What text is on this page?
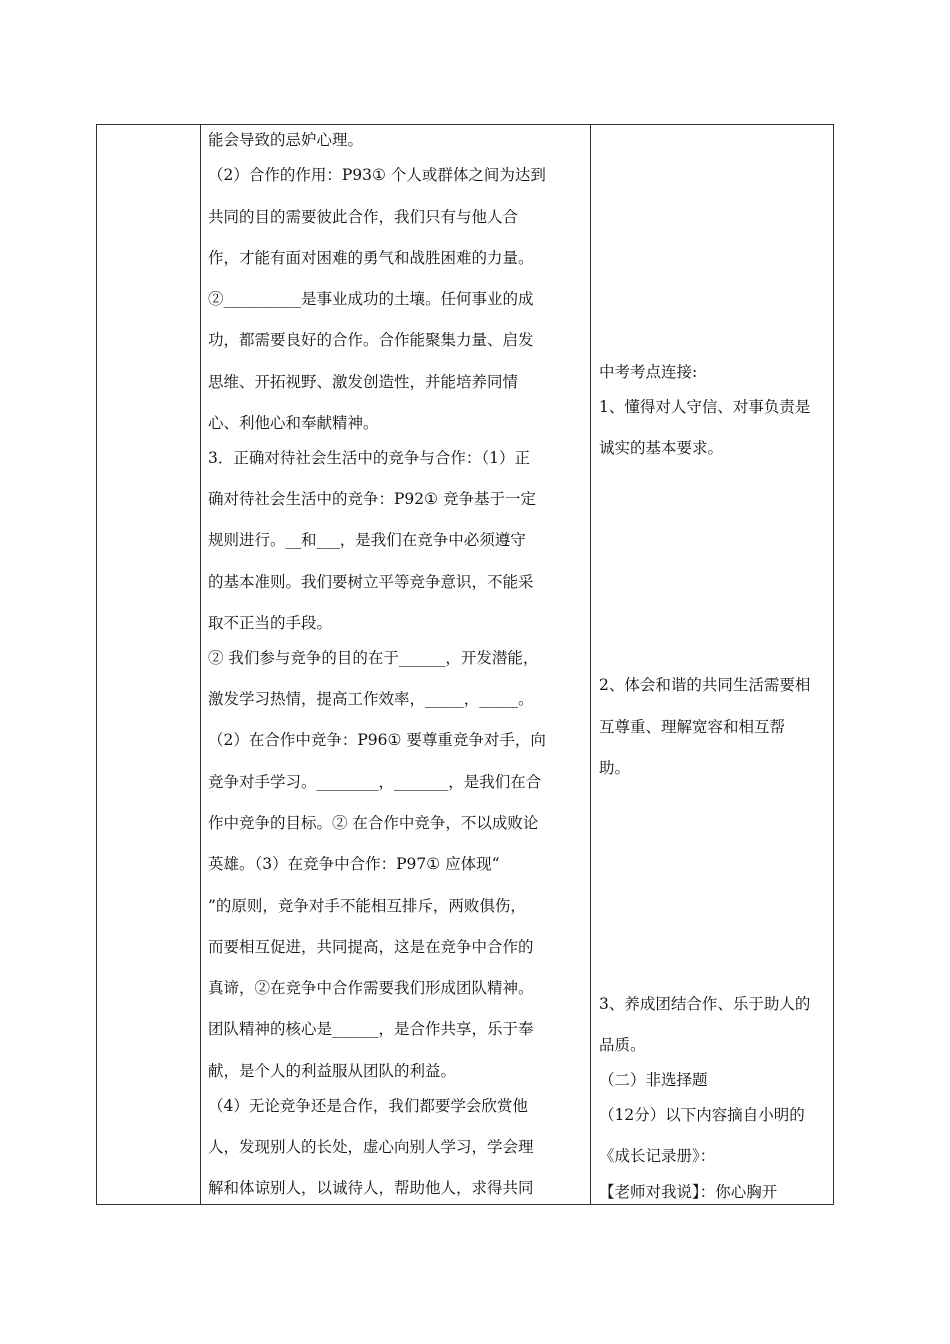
能会导致的忌妒心理。
（2）合作的作用：P93① 个人或群体之间为达到
共同的目的需要彼此合作，我们只有与他人合
作，才能有面对困难的勇气和战胜困难的力量。
②__________是事业成功的土壤。任何事业的成
功，都需要良好的合作。合作能聚集力量、启发
思维、开拓视野、激发创造性，并能培养同情
心、利他心和奉献精神。
3．正确对待社会生活中的竞争与合作：（1）正
确对待社会生活中的竞争：P92① 竞争基于一定
规则进行。__和___，是我们在竞争中必须遵守
的基本准则。我们要树立平等竞争意识，不能采
取不正当的手段。
② 我们参与竞争的目的在于______，开发潜能，
激发学习热情，提高工作效率，_____，_____。
（2）在合作中竞争：P96① 要尊重竞争对手，向
竞争对手学习。________，_______，是我们在合
作中竞争的目标。② 在合作中竞争，不以成败论
英雄。（3）在竞争中合作：P97① 应体现“
”的原则，竞争对手不能相互排斥，两败俱伤，
而要相互促进，共同提高，这是在竞争中合作的
真谛，②在竞争中合作需要我们形成团队精神。
团队精神的核心是______，是合作共享，乐于奉
献，是个人的利益服从团队的利益。
（4）无论竞争还是合作，我们都要学会欣赏他
人，发现别人的长处，虚心向别人学习，学会理
解和体谅别人，以诚待人，帮助他人，求得共同
中考考点连接:
1、懂得对人守信、对事负责是
诚实的基本要求。
2、体会和谐的共同生活需要相
互尊重、理解宽容和相互帮
助。
3、养成团结合作、乐于助人的
品质。
（二）非选择题
（12分）以下内容摘自小明的
《成长记录册》：
【老师对我说】：你心胸开
